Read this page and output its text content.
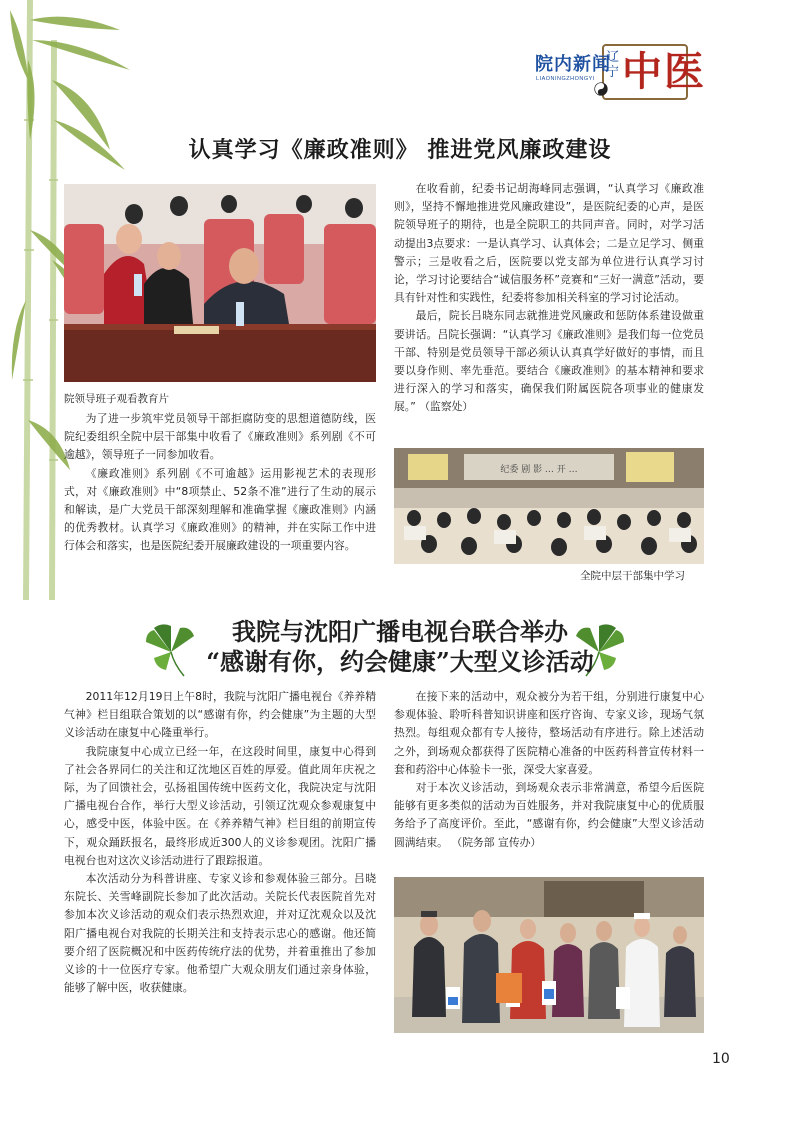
院内新闻
LIAONINGZHONGYI
辽宁 中医
认真学习《廉政准则》 推进党风廉政建设
院领导班子观看教育片

为了进一步筑牢党员领导干部拒腐防变的思想道德防线，医院纪委组织全院中层干部集中收看了《廉政准则》系列剧《不可逾越》，领导班子一同参加收看。

《廉政准则》系列剧《不可逾越》运用影视艺术的表现形式，对《廉政准则》中“8项禁止、52条不准”进行了生动的展示和解读，是广大党员干部深刻理解和准确掌握《廉政准则》内涵的优秀教材。认真学习《廉政准则》的精神，并在实际工作中进行体会和落实，也是医院纪委开展廉政建设的一项重要内容。

在收看前，纪委书记胡海峰同志强调，“认真学习《廉政准则》，坚持不懈地推进党风廉政建设”，是医院纪委的心声，是医院领导班子的期待，也是全院职工的共同声音。同时，对学习活动提出3点要求：一是认真学习、认真体会；二是立足学习、侧重警示；三是收看之后，医院要以党支部为单位进行认真学习讨论，学习讨论要结合“诚信服务杯”竞赛和“三好一满意”活动，要具有针对性和实践性，纪委将参加相关科室的学习讨论活动。

最后，院长吕晓东同志就推进党风廉政和惩防体系建设做重要讲话。吕院长强调：“认真学习《廉政准则》是我们每一位党员干部、特别是党员领导干部必须认认真真学好做好的事情，而且要以身作则、率先垂范。要结合《廉政准则》的基本精神和要求进行深入的学习和落实，确保我们附属医院各项事业的健康发展。” （监察处）

纪委 剧 影 … 开 …
全院中层干部集中学习
我院与沈阳广播电视台联合举办
“感谢有你，约会健康”大型义诊活动

2011年12月19日上午8时，我院与沈阳广播电视台《养养精气神》栏目组联合策划的以“感谢有你，约会健康”为主题的大型义诊活动在康复中心隆重举行。

我院康复中心成立已经一年，在这段时间里，康复中心得到了社会各界同仁的关注和辽沈地区百姓的厚爱。值此周年庆祝之际，为了回馈社会，弘扬祖国传统中医药文化，我院决定与沈阳广播电视台合作，举行大型义诊活动，引领辽沈观众参观康复中心，感受中医，体验中医。在《养养精气神》栏目组的前期宣传下，观众踊跃报名，最终形成近300人的义诊参观团。沈阳广播电视台也对这次义诊活动进行了跟踪报道。

本次活动分为科普讲座、专家义诊和参观体验三部分。吕晓东院长、关雪峰副院长参加了此次活动。关院长代表医院首先对参加本次义诊活动的观众们表示热烈欢迎，并对辽沈观众以及沈阳广播电视台对我院的长期关注和支持表示忠心的感谢。他还简要介绍了医院概况和中医药传统疗法的优势，并着重推出了参加义诊的十一位医疗专家。他希望广大观众朋友们通过亲身体验，能够了解中医，收获健康。

在接下来的活动中，观众被分为若干组，分别进行康复中心参观体验、聆听科普知识讲座和医疗咨询、专家义诊，现场气氛热烈。每组观众都有专人接待，整场活动有序进行。除上述活动之外，到场观众都获得了医院精心准备的中医药科普宣传材料一套和药浴中心体验卡一张，深受大家喜爱。

对于本次义诊活动，到场观众表示非常满意，希望今后医院能够有更多类似的活动为百姓服务，并对我院康复中心的优质服务给予了高度评价。至此，“感谢有你，约会健康”大型义诊活动圆满结束。 （院务部 宣传办）

10
